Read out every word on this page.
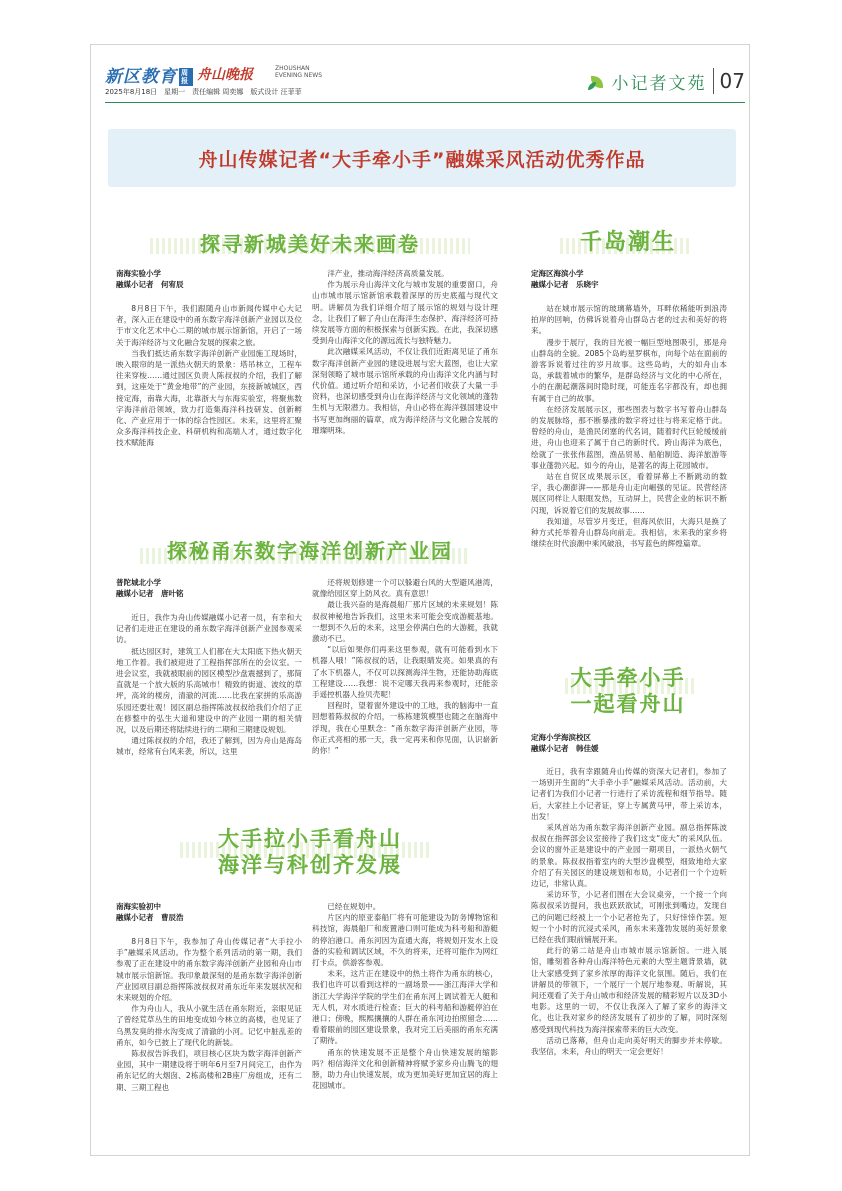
新区教育 周报 舟山晚报	ZHOUSHAN EVENING NEWS
2025年8月18日　星期一　责任编辑 周奕娜　版式设计 汪菲菲	小记者文苑 07
舟山传媒记者“大手牵小手”融媒采风活动优秀作品
探寻新城美好未来画卷
南海实验小学
融媒小记者　何宥辰

8月8日下午，我们跟随舟山市新闻传媒中心大记者，深入正在建设中的甬东数字海洋创新产业园以及位于市文化艺术中心二期的城市展示馆新馆，开启了一场关于海洋经济与文化融合发展的探索之旅。

当我们抵达甬东数字海洋创新产业园施工现场时，映入眼帘的是一派热火朝天的景象：塔吊林立，工程车往来穿梭……通过园区负责人陈叔叔的介绍，我们了解到，这座处于“黄金地带”的产业园，东接新城城区，西接定海，南靠大海，北靠浙大与东海实验室，将聚焦数字海洋前沿领域，致力打造集海洋科技研发、创新孵化、产业应用于一体的综合性园区。未来，这里将汇聚众多海洋科技企业、科研机构和高端人才，通过数字化技术赋能海

洋产业，推动海洋经济高质量发展。

作为展示舟山海洋文化与城市发展的重要窗口，舟山市城市展示馆新馆承载着深厚的历史底蕴与现代文明。讲解员为我们详细介绍了展示馆的规划与设计理念，让我们了解了舟山在海洋生态保护、海洋经济可持续发展等方面的积极探索与创新实践。在此，我深切感受到舟山海洋文化的源远流长与独特魅力。

此次融媒采风活动，不仅让我们近距离见证了甬东数字海洋创新产业园的建设进展与宏大蓝图，也让大家深刻领略了城市展示馆所承载的舟山海洋文化内涵与时代价值。通过听介绍和采访，小记者们收获了大量一手资料，也深切感受到舟山在海洋经济与文化领域的蓬勃生机与无限潜力。我相信，舟山必将在海洋强国建设中书写更加绚丽的篇章，成为海洋经济与文化融合发展的璀璨明珠。

千岛潮生
定海区海滨小学
融媒小记者　乐晓宇

站在城市展示馆的玻璃幕墙外，耳畔依稀能听到浪涛拍岸的回响，仿佛诉说着舟山群岛古老的过去和美好的将来。

漫步于展厅，我的目光被一幅巨型地图吸引，那是舟山群岛的全貌。2085个岛屿星罗棋布，向每个站在面前的游客诉说着过往的岁月故事。这些岛屿，大的如舟山本岛，承载着城市的繁华，是群岛经济与文化的中心所在，小的在潮起潮落间时隐时现，可能连名字都没有，却也拥有属于自己的故事。

在经济发展展示区，那些图表与数字书写着舟山群岛的发展脉络，那不断暴涨的数字将过往与将来定格于此。曾经的舟山，是渔民闭塞的代名词，随着时代巨轮缓缓前进，舟山也迎来了属于自己的新时代。跨山海洋为底色，绘就了一张张伟蓝图，渔品贸易、船舶制造、海洋旅游等事业蓬勃兴起。如今的舟山，是著名的海上花园城市。

站在自贸区成果展示区，看着屏幕上不断跳动的数字，我心潮澎湃——那是舟山走向崛强的见证。民营经济展区同样让人眼眶发热，互动屏上，民营企业的标识不断闪现，诉说着它们的发展故事……

我知道，尽管岁月变迁，但海风依旧，大海只是换了种方式托举着舟山群岛向前走。我相信，未来我的家乡将继续在时代浪潮中乘风破浪，书写蓝色的辉煌篇章。

探秘甬东数字海洋创新产业园
普陀城北小学
融媒小记者　唐叶铭

近日，我作为舟山传媒融媒小记者一员，有幸和大记者们走进正在建设的甬东数字海洋创新产业园参观采访。

抵达园区时，建筑工人们都在大太阳底下热火朝天地工作着。我们被迎进了工程指挥部所在的会议室。一进会议室，我就被眼前的园区模型沙盘震撼到了，那简直就是一个放大版的乐高城市！精致的街道、波纹的草坪，高耸的楼房，清澈的河流……比我在家拼的乐高游乐园还要壮观！园区副总指挥陈波叔叔给我们介绍了正在修整中的弘生大道和建设中的产业园一期的相关情况，以及后期还将陆续进行的二期和三期建设规划。

通过陈叔叔的介绍，我还了解到，因为舟山是海岛城市，经常有台风来袭，所以，这里

还将规划修建一个可以躲避台风的大型避风港湾，就像给园区穿上防风衣。真有意思！

最让我兴奋的是海晨船厂那片区域的未来规划！陈叔叔神秘地告诉我们，这里未来可能会变成游艇基地。一想到不久后的未来，这里会停满白色的大游艇，我就激动不已。

“以后如果你们再来这里参观，就有可能看到水下机器人哦！”陈叔叔的话，让我眼睛发亮。如果真的有了水下机器人，不仅可以探测海洋生物，还能协助海底工程建设……我想：说不定哪天我再来参观时，还能亲手遥控机器人捡贝壳呢！

回程时，望着窗外建设中的工地，我的脑海中一直回想着陈叔叔的介绍，一栋栋建筑模型也随之在脑海中浮现，我在心里默念：“甬东数字海洋创新产业园，等你正式亮相的那一天，我一定再来和你见面，认识崭新的你！”

大手牵小手
一起看舟山
定海小学海滨校区
融媒小记者　韩佳媛

近日，我有幸跟随舟山传媒的资深大记者们，参加了一场别开生面的“大手牵小手”融媒采风活动。活动前，大记者们为我们小记者一行进行了采访流程和细节指导。随后，大家挂上小记者证，穿上专属黄马甲，带上采访本，出发！

采风首站为甬东数字海洋创新产业园。副总指挥陈波叔叔在指挥部会议室接待了我们这支“庞大”的采风队伍。会议的窗外正是建设中的产业园一期项目，一派热火朝气的景象。陈叔叔指着室内的大型沙盘模型，细致地给大家介绍了有关园区的建设规划和布局，小记者们一个个边听边记，非常认真。

采访环节，小记者们围在大会议桌旁，一个接一个向陈叔叔采访提问，我也跃跃欲试，可刚张到嘴边，发现自己的问题已经被上一个小记者抢先了，只好悻悻作罢。短短一个小时的沉浸式采风，甬东未来蓬勃发展的美好景象已经在我们眼前铺展开来。

此行的第二站是舟山市城市展示馆新馆。一进入展馆，雕刻着各种舟山海洋特色元素的大型主题背景墙，就让大家感受到了家乡浓厚的海洋文化氛围。随后，我们在讲解员的带领下，一个展厅一个展厅地参观、听解说，其间还观看了关于舟山城市和经济发展的精彩短片以及3D小电影。这里的一切，不仅让我深入了解了家乡的海洋文化，也让我对家乡的经济发展有了初步的了解，同时深刻感受到现代科技为海洋探索带来的巨大改变。

活动已落幕，但舟山走向美好明天的脚步并未停歇。我坚信，未来，舟山的明天一定会更好！

大手拉小手看舟山
海洋与科创齐发展
南海实验初中
融媒小记者　曹辰浩

8月8日下午，我参加了舟山传媒记者“大手拉小手”融媒采风活动。作为整个系列活动的第一期，我们参观了正在建设中的甬东数字海洋创新产业园和舟山市城市展示馆新馆。我印象最深刻的是甬东数字海洋创新产业园项目副总指挥陈波叔叔对甬东近年来发展状况和未来规划的介绍。

作为舟山人，我从小就生活在甬东附近，亲眼见证了曾经荒草丛生的田地变成如今林立的高楼，也见证了乌黑发臭的排水沟变成了清澈的小河。记忆中脏乱差的甬东，如今已披上了现代化的新装。

陈叔叔告诉我们，项目核心区块为数字海洋创新产业园，其中一期建设将于明年6月至7月间完工，由作为甬东记忆的大烟囱、2栋高楼和2B座厂房组成，还有二期、三期工程也

已经在规划中。

片区内的原亚泰船厂将有可能建设为防务博物馆和科技馆，海晨船厂和废置港口则可能成为科考船和游艇的停泊港口。甬东河因为直通大海，将规划开发水上设备的实验和调试区域，不久的将来，还将可能作为网红打卡点，供游客参观。

未来，这片正在建设中的热土将作为甬东的核心，我们也许可以看到这样的一副场景——浙江海洋大学和浙江大学海洋学院的学生们在甬东河上调试着无人艇和无人机，对水质进行检查；巨大的科考船和游艇停泊在港口；傍晚，熙熙攘攘的人群在甬东河边拍照留念……看着眼前的园区建设景象，我对完工后美丽的甬东充满了期待。

甬东的快速发展不正是整个舟山快速发展的缩影吗？相信海洋文化和创新精神将赋予家乡舟山腾飞的翅膀，助力舟山快速发展，成为更加美好更加宜居的海上花园城市。
